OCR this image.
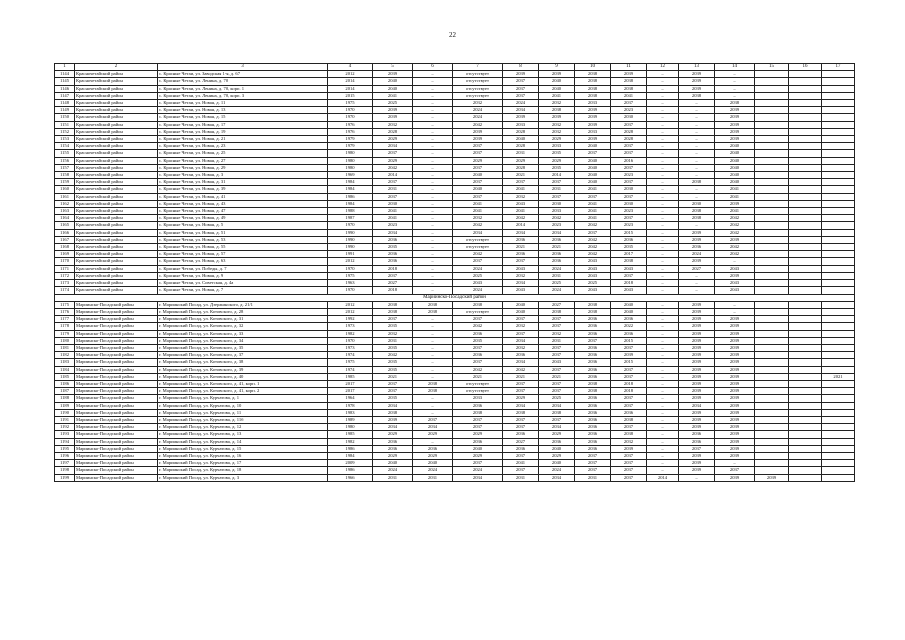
22
1	2	3	4	5	6	7	8	9	10	11	12	13	14	15	16	17
1144	Красночетайский район	с. Красные Четаи, ул. Заводская 1-я, д. 67	2012	2039	–	отсутствует	2039	2039	2038	2039	–	2039	–			
1145	Красночетайский район	с. Красные Четаи, ул. Ленина, д. 70	2014	2040	–	отсутствует	2037	2040	2038	2038	–	2039	–			
1146	Красночетайский район	с. Красные Четаи, ул. Ленина, д. 70, корп. 1	2014	2040	–	отсутствует	2037	2040	2038	2038	–	2039	–			
1147	Красночетайский район	с. Красные Четаи, ул. Ленина, д. 70, корп. 3	2015	2041	–	отсутствует	2037	2041	2038	2041	–	2038	–			
1148	Красночетайский район	с. Красные Четаи, ул. Новая, д. 11	1975	2025	–	2032	2024	2032	2033	2037	–	–	2038			
1149	Красночетайский район	с. Красные Четаи, ул. Новая, д. 13	1970	2039	–	2024	2034	2038	2039	2023	–	–	2039			
1150	Красночетайский район	с. Красные Четаи, ул. Новая, д. 15	1970	2039	–	2024	2039	2039	2039	2030	–	–	2039			
1151	Красночетайский район	с. Красные Четаи, ул. Новая, д. 17	1976	2032	–	2042	2033	2032	2039	2037	–	–	2039			
1152	Красночетайский район	с. Красные Четаи, ул. Новая, д. 19	1976	2028	–	2039	2028	2032	2033	2028	–	–	2039			
1153	Красночетайский район	с. Красные Четаи, ул. Новая, д. 21	1979	2029	–	2039	2040	2029	2039	2028	–	–	2039			
1154	Красночетайский район	с. Красные Четаи, ул. Новая, д. 23	1979	2034	–	2037	2028	2033	2040	2037	–	–	2040			
1155	Красночетайский район	с. Красные Четаи, ул. Новая, д. 25	1980	2037	–	2037	2031	2035	2037	2037	–	–	2040			
1156	Красночетайский район	с. Красные Четаи, ул. Новая, д. 27	1980	2029	–	2029	2029	2029	2040	2016	–	–	2040			
1157	Красночетайский район	с. Красные Четаи, ул. Новая, д. 29	1980	2042	–	2037	2028	2035	2040	2037	–	–	2040			
1158	Красночетайский район	с. Красные Четаи, ул. Новая, д. 3	1969	2014	–	2040	2021	2014	2040	2023	–	–	2040			
1159	Красночетайский район	с. Красные Четаи, ул. Новая, д. 31	1984	2037	–	2037	2037	2037	2040	2037	–	2038	2040			
1160	Красночетайский район	с. Красные Четаи, ул. Новая, д. 39	1984	2031	–	2040	2041	2031	2041	2030	–	–	2041			
1161	Красночетайский район	с. Красные Четаи, ул. Новая, д. 41	1986	2037	–	2037	2032	2037	2037	2037	–	–	2041			
1162	Красночетайский район	с. Красные Четаи, ул. Новая, д. 43	1984	2030	–	2041	2043	2030	2041	2030	–	2030	2039			
1163	Красночетайский район	с. Красные Четаи, ул. Новая, д. 47	1988	2041	–	2041	2041	2033	2041	2023	–	2038	2041			
1164	Красночетайский район	с. Красные Четаи, ул. Новая, д. 49	1987	2041	–	2032	2042	2042	2041	2037	–	2038	2042			
1165	Красночетайский район	с. Красные Четаи, ул. Новая, д. 5	1970	2023	–	2042	2014	2023	2042	2023	–	–	2042			
1166	Красночетайский район	с. Красные Четаи, ул. Новая, д. 51	1990	2034	–	2034	2034	2034	2037	2015	–	2039	2042			
1167	Красночетайский район	с. Красные Четаи, ул. Новая, д. 53	1990	2036	–	отсутствует	2036	2036	2042	2036	–	2039	2039			
1168	Красночетайский район	с. Красные Четаи, ул. Новая, д. 55	1990	2035	–	отсутствует	2021	2021	2042	2035	–	2036	2042			
1169	Красночетайский район	с. Красные Четаи, ул. Новая, д. 57	1991	2036	–	2042	2036	2036	2042	2017	–	2024	2042			
1170	Красночетайский район	с. Красные Четаи, ул. Новая, д. 63	2012	2036	–	2037	2037	2036	2043	2038	–	2039	–			
1171	Красночетайский район	с. Красные Четаи, ул. Победы, д. 7	1970	2018	–	2024	2043	2024	2043	2043	–	2027	2043			
1172	Красночетайский район	с. Красные Четаи, ул. Новая, д. 9	1975	2037	–	2025	2032	2031	2043	2037	–	–	2039			
1173	Красночетайский район	с. Красные Четаи, ул. Советская, д. 4а	1963	2027	–	2043	2034	2025	2025	2018	–	–	2043			
1174	Красночетайский район	с. Красные Четаи, ул. Новая, д. 7	1970	2018	–	2024	2043	2024	2043	2043	–	–	2043			
Мариинско-Посадский район																
1175	Мариинско-Посадский район	г. Мариинский Посад, ул. Дзержинского, д. 21/1	2012	2038	2038	2038	2040	2027	2038	2040	–	2039	–			
1176	Мариинско-Посадский район	г. Мариинский Посад, ул. Котовского, д. 28	2012	2038	2038	отсутствует	2040	2038	2038	2040	–	2039	–			
1177	Мариинско-Посадский район	г. Мариинский Посад, ул. Котовского, д. 31	1992	2037	–	2037	2037	2037	2036	2036	–	2039	2039			
1178	Мариинско-Посадский район	г. Мариинский Посад, ул. Котовского, д. 32	1973	2035	–	2042	2032	2037	2036	2022	–	2039	2039			
1179	Мариинско-Посадский район	г. Мариинский Посад, ул. Котовского, д. 33	1982	2032	–	2036	2037	2032	2036	2036	–	2039	2039			
1180	Мариинско-Посадский район	г. Мариинский Посад, ул. Котовского, д. 34	1970	2031	–	2035	2034	2031	2037	2015	–	2039	2039			
1181	Мариинско-Посадский район	г. Мариинский Посад, ул. Котовского, д. 35	1973	2035	–	2037	2032	2037	2036	2037	–	2039	2039			
1182	Мариинско-Посадский район	г. Мариинский Посад, ул. Котовского, д. 37	1974	2042	–	2036	2036	2037	2036	2039	–	2039	2039			
1183	Мариинско-Посадский район	г. Мариинский Посад, ул. Котовского, д. 38	1975	2035	–	2037	2034	2043	2036	2015	–	2039	2039			
1184	Мариинско-Посадский район	г. Мариинский Посад, ул. Котовского, д. 39	1974	2035	–	2042	2042	2037	2036	2037	–	2039	2039			
1185	Мариинско-Посадский район	г. Мариинский Посад, ул. Котовского, д. 40	1985	2021	–	2021	2021	2021	2036	2037	–	2039	2039			2021
1186	Мариинско-Посадский район	г. Мариинский Посад, ул. Котовского, д. 41, корп. 1	2017	2037	2038	отсутствует	2037	2037	2038	2018	–	2039	2039			
1187	Мариинско-Посадский район	г. Мариинский Посад, ул. Котовского, д. 41, корп. 2	2017	2037	2038	отсутствует	2037	2037	2038	2018	–	2039	2039			
1188	Мариинско-Посадский район	г. Мариинский Посад, ул. Курчатова, д. 1	1964	2035	–	2033	2029	2025	2036	2037	–	2039	2039			
1189	Мариинско-Посадский район	г. Мариинский Посад, ул. Курчатова, д. 10	1978	2034	–	2036	2034	2034	2036	2037	–	2034	2039			
1190	Мариинско-Посадский район	г. Мариинский Посад, ул. Курчатова, д. 11	1983	2038	–	2038	2038	2038	2036	2036	–	2039	2039			
1191	Мариинско-Посадский район	г. Мариинский Посад, ул. Курчатова, д. 11б	1989	2039	2037	2037	2037	2037	2036	2038	–	2039	2039			
1192	Мариинско-Посадский район	г. Мариинский Посад, ул. Курчатова, д. 12	1980	2034	2034	2037	2037	2034	2036	2037	–	2039	2039			
1193	Мариинско-Посадский район	г. Мариинский Посад, ул. Курчатова, д. 13	1985	2029	2029	2029	2036	2029	2036	2038	–	2036	2039			
1194	Мариинско-Посадский район	г. Мариинский Посад, ул. Курчатова, д. 14	1982	2036	–	2036	2027	2036	2036	2032	–	2036	2039			
1195	Мариинско-Посадский район	г. Мариинский Посад, ул. Курчатова, д. 15	1986	2036	2036	2040	2036	2040	2036	2039	–	2037	2039			
1196	Мариинско-Посадский район	г. Мариинский Посад, ул. Курчатова, д. 16	1984	2029	2029	2029	2037	2029	2037	2037	–	2039	2039			
1197	Мариинско-Посадский район	г. Мариинский Посад, ул. Курчатова, д. 17	2009	2040	2040	2037	2041	2040	2037	2037	–	2039	–			
1198	Мариинско-Посадский район	г. Мариинский Посад, ул. Курчатова, д. 18	1986	2024	2024	2024	2037	2024	2037	2037	–	2039	2037			
1199	Мариинско-Посадский район	г. Мариинский Посад, ул. Курчатова, д. 3	1966	2031	2031	2034	2031	2034	2031	2037	2014	–	2039	2039		
